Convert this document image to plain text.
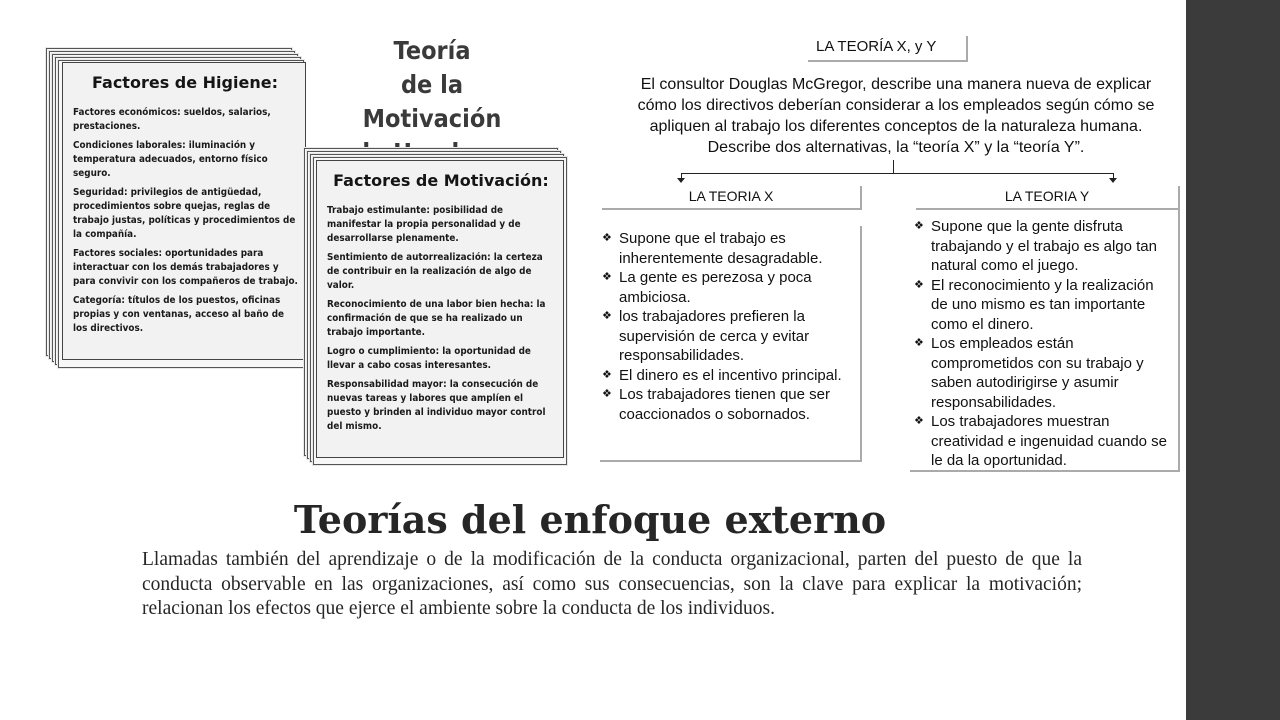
Factores de Higiene:
Factores económicos: sueldos, salarios, prestaciones.
Condiciones laborales: iluminación y temperatura adecuados, entorno físico seguro.
Seguridad: privilegios de antigüedad, procedimientos sobre quejas, reglas de trabajo justas, políticas y procedimientos de la compañía.
Factores sociales: oportunidades para interactuar con los demás trabajadores y para convivir con los compañeros de trabajo.
Categoría: títulos de los puestos, oficinas propias y con ventanas, acceso al baño de los directivos.
Teoría
de la Motivación
Factores de Motivación:
Trabajo estimulante: posibilidad de manifestar la propia personalidad y de desarrollarse plenamente.
Sentimiento de autorrealización: la certeza de contribuir en la realización de algo de valor.
Reconocimiento de una labor bien hecha: la confirmación de que se ha realizado un trabajo importante.
Logro o cumplimiento: la oportunidad de llevar a cabo cosas interesantes.
Responsabilidad mayor: la consecución de nuevas tareas y labores que amplíen el puesto y brinden al individuo mayor control del mismo.
LA TEORÍA X, y Y

El consultor Douglas McGregor, describe una manera nueva de explicar

cómo los directivos deberían considerar a los empleados según cómo se

apliquen al trabajo los diferentes conceptos de la naturaleza humana.

Describe dos alternativas, la “teoría X” y la “teoría Y”.

LA TEORIA X
❖ Supone que el trabajo es inherentemente desagradable.
❖ La gente es perezosa y poca ambiciosa.
❖ los trabajadores prefieren la supervisión de cerca y evitar responsabilidades.
❖ El dinero es el incentivo principal.
❖ Los trabajadores tienen que ser coaccionados o sobornados.
LA TEORIA Y
❖ Supone que la gente disfruta trabajando y el trabajo es algo tan natural como el juego.
❖ El reconocimiento y la realización de uno mismo es tan importante como el dinero.
❖ Los empleados están comprometidos con su trabajo y saben autodirigirse y asumir responsabilidades.
❖ Los trabajadores muestran creatividad e ingenuidad cuando se le da la oportunidad.
Teorías del enfoque externo
Llamadas también del aprendizaje o de la modificación de la conducta organizacional, parten del puesto de que la conducta observable en las organizaciones, así como sus consecuencias, son la clave para explicar la motivación; relacionan los efectos que ejerce el ambiente sobre la conducta de los individuos.
